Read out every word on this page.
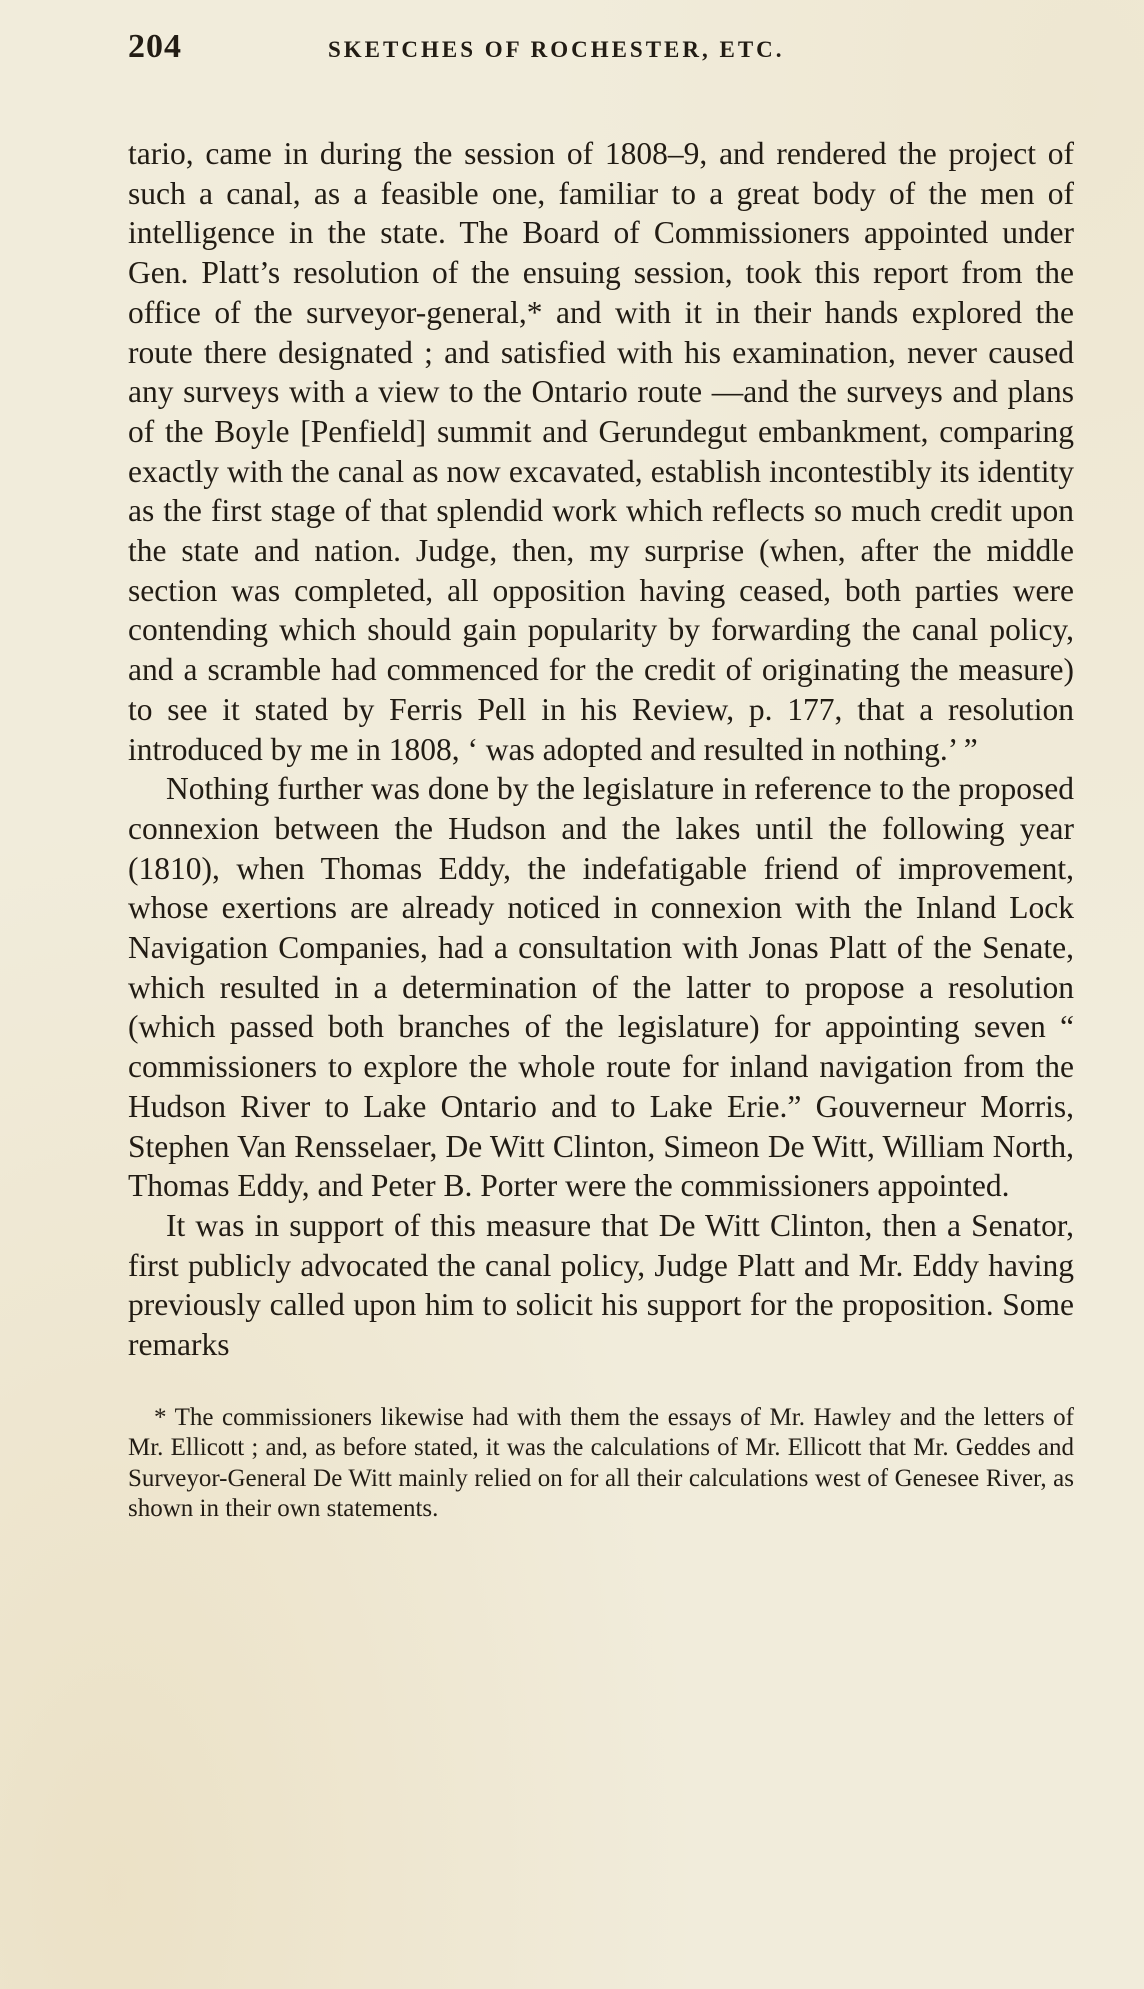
204	SKETCHES OF ROCHESTER, ETC.

tario, came in during the session of 1808–9, and rendered the project of such a canal, as a feasible one, familiar to a great body of the men of intelligence in the state. The Board of Commissioners appointed under Gen. Platt’s resolution of the ensuing session, took this report from the office of the surveyor-general,* and with it in their hands explored the route there designated ; and satisfied with his examination, never caused any surveys with a view to the Ontario route —and the surveys and plans of the Boyle [Penfield] summit and Gerundegut embankment, comparing exactly with the canal as now excavated, establish incontestibly its identity as the first stage of that splendid work which reflects so much credit upon the state and nation. Judge, then, my surprise (when, after the middle section was completed, all opposition having ceased, both parties were contending which should gain popularity by forwarding the canal policy, and a scramble had commenced for the credit of originating the measure) to see it stated by Ferris Pell in his Review, p. 177, that a resolution introduced by me in 1808, ‘ was adopted and resulted in nothing.’ ”

Nothing further was done by the legislature in reference to the proposed connexion between the Hudson and the lakes until the following year (1810), when Thomas Eddy, the indefatigable friend of improvement, whose exertions are already noticed in connexion with the Inland Lock Navigation Companies, had a consultation with Jonas Platt of the Senate, which resulted in a determination of the latter to propose a resolution (which passed both branches of the legislature) for appointing seven “ commissioners to explore the whole route for inland navigation from the Hudson River to Lake Ontario and to Lake Erie.” Gouverneur Morris, Stephen Van Rensselaer, De Witt Clinton, Simeon De Witt, William North, Thomas Eddy, and Peter B. Porter were the commissioners appointed.

It was in support of this measure that De Witt Clinton, then a Senator, first publicly advocated the canal policy, Judge Platt and Mr. Eddy having previously called upon him to solicit his support for the proposition. Some remarks

* The commissioners likewise had with them the essays of Mr. Hawley and the letters of Mr. Ellicott ; and, as before stated, it was the calculations of Mr. Ellicott that Mr. Geddes and Surveyor-General De Witt mainly relied on for all their calculations west of Genesee River, as shown in their own statements.
